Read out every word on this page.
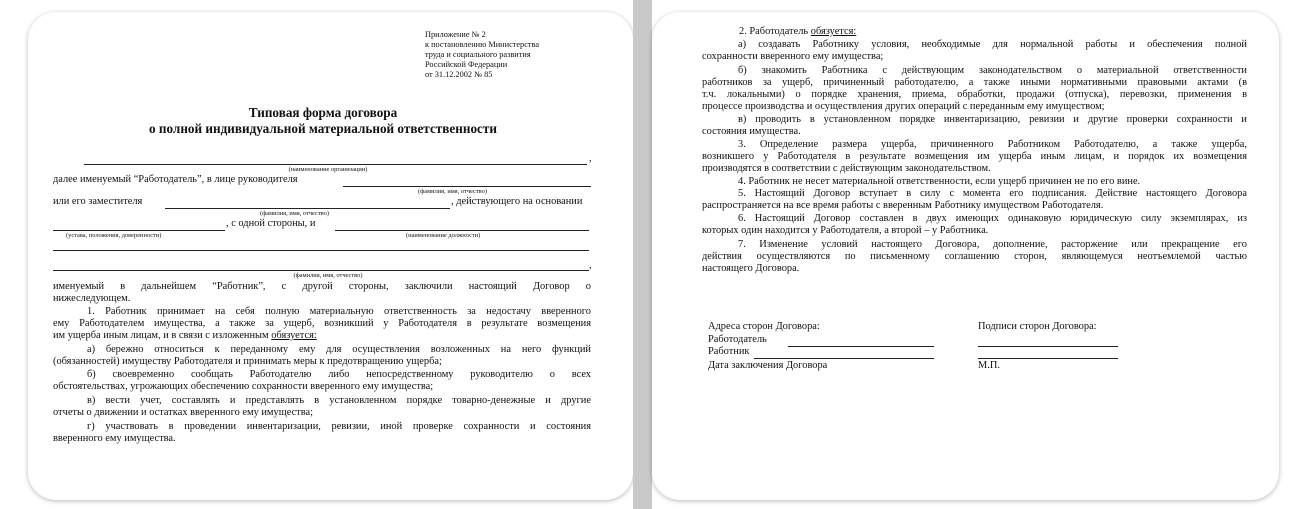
Приложение № 2
к постановлению Министерства
труда и социального развития
Российской Федерации
от 31.12.2002 № 85
Типовая форма договора
о полной индивидуальной материальной ответственности
,
(наименование организации)
далее именуемый “Работодатель”, в лице руководителя
(фамилия, имя, отчество)
или его заместителя	, действующего на основании
(фамилия, имя, отчество)
, с одной стороны, и
(устава, положения, доверенности)	(наименование должности)
,
(фамилия, имя, отчество)
именуемый в дальнейшем “Работник”, с другой стороны, заключили настоящий Договор о
нижеследующем.
1. Работник принимает на себя полную материальную ответственность за недостачу вверенного
ему Работодателем имущества, а также за ущерб, возникший у Работодателя в результате возмещения
им ущерба иным лицам, и в связи с изложенным обязуется:
а) бережно относиться к переданному ему для осуществления возложенных на него функций
(обязанностей) имуществу Работодателя и принимать меры к предотвращению ущерба;
б) своевременно сообщать Работодателю либо непосредственному руководителю о всех
обстоятельствах, угрожающих обеспечению сохранности вверенного ему имущества;
в) вести учет, составлять и представлять в установленном порядке товарно-денежные и другие
отчеты о движении и остатках вверенного ему имущества;
г) участвовать в проведении инвентаризации, ревизии, иной проверке сохранности и состояния
вверенного ему имущества.
2. Работодатель обязуется:
а) создавать Работнику условия, необходимые для нормальной работы и обеспечения полной
сохранности вверенного ему имущества;
б) знакомить Работника с действующим законодательством о материальной ответственности
работников за ущерб, причиненный работодателю, а также иными нормативными правовыми актами (в
т.ч. локальными) о порядке хранения, приема, обработки, продажи (отпуска), перевозки, применения в
процессе производства и осуществления других операций с переданным ему имуществом;
в) проводить в установленном порядке инвентаризацию, ревизии и другие проверки сохранности и
состояния имущества.
3. Определение размера ущерба, причиненного Работником Работодателю, а также ущерба,
возникшего у Работодателя в результате возмещения им ущерба иным лицам, и порядок их возмещения
производятся в соответствии с действующим законодательством.
4. Работник не несет материальной ответственности, если ущерб причинен не по его вине.
5. Настоящий Договор вступает в силу с момента его подписания. Действие настоящего Договора
распространяется на все время работы с вверенным Работнику имуществом Работодателя.
6. Настоящий Договор составлен в двух имеющих одинаковую юридическую силу экземплярах, из
которых один находится у Работодателя, а второй – у Работника.
7. Изменение условий настоящего Договора, дополнение, расторжение или прекращение его
действия осуществляются по письменному соглашению сторон, являющемуся неотъемлемой частью
настоящего Договора.
Адреса сторон Договора:	Подписи сторон Договора:
Работодатель
Работник
Дата заключения Договора	М.П.
